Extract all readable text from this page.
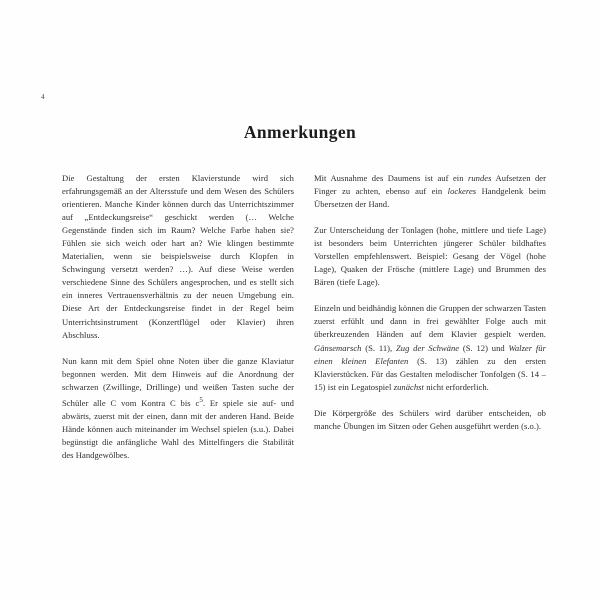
4
Anmerkungen

Die Gestaltung der ersten Klavierstunde wird sich erfahrungsgemäß an der Altersstufe und dem Wesen des Schülers orientieren. Manche Kinder können durch das Unterrichtszimmer auf „Entdeckungsreise“ geschickt werden (… Welche Gegenstände finden sich im Raum? Welche Farbe haben sie? Fühlen sie sich weich oder hart an? Wie klingen bestimmte Materialien, wenn sie beispielsweise durch Klopfen in Schwingung versetzt werden? …). Auf diese Weise werden verschiedene Sinne des Schülers angesprochen, und es stellt sich ein inneres Vertrauensverhältnis zu der neuen Umgebung ein. Diese Art der Entdeckungsreise findet in der Regel beim Unterrichtsinstrument (Konzertflügel oder Klavier) ihren Abschluss.

Nun kann mit dem Spiel ohne Noten über die ganze Klaviatur begonnen werden. Mit dem Hinweis auf die Anordnung der schwarzen (Zwillinge, Drillinge) und weißen Tasten suche der Schüler alle C vom Kontra C bis $c^5$. Er spiele sie auf- und abwärts, zuerst mit der einen, dann mit der anderen Hand. Beide Hände können auch miteinander im Wechsel spielen (s.u.). Dabei begünstigt die anfängliche Wahl des Mittelfingers die Stabilität des Handgewölbes.

Mit Ausnahme des Daumens ist auf ein rundes Aufsetzen der Finger zu achten, ebenso auf ein lockeres Handgelenk beim Übersetzen der Hand.

Zur Unterscheidung der Tonlagen (hohe, mittlere und tiefe Lage) ist besonders beim Unterrichten jüngerer Schüler bildhaftes Vorstellen empfehlenswert. Beispiel: Gesang der Vögel (hohe Lage), Quaken der Frösche (mittlere Lage) und Brummen des Bären (tiefe Lage).

Einzeln und beidhändig können die Gruppen der schwarzen Tasten zuerst erfühlt und dann in frei gewählter Folge auch mit überkreuzenden Händen auf dem Klavier gespielt werden. Gänsemarsch (S. 11), Zug der Schwäne (S. 12) und Walzer für einen kleinen Elefanten (S. 13) zählen zu den ersten Klavierstücken. Für das Gestalten melodischer Tonfolgen (S. 14 – 15) ist ein Legatospiel zunächst nicht erforderlich.

Die Körpergröße des Schülers wird darüber entscheiden, ob manche Übungen im Sitzen oder Gehen ausgeführt werden (s.o.).
